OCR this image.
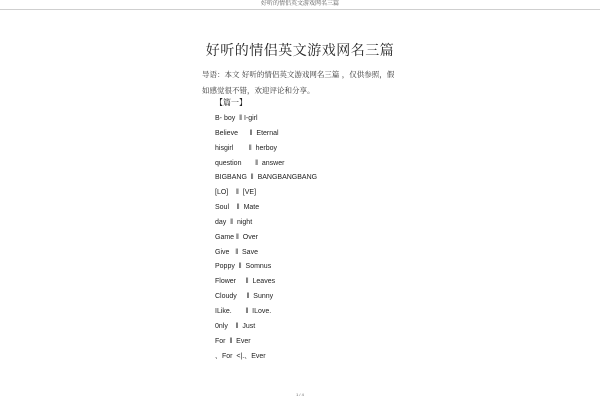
好听的情侣英文游戏网名三篇
好听的情侣英文游戏网名三篇
导语：本文 好听的情侣英文游戏网名三篇 ，仅供参照，假如感觉很不错，欢迎评论和分享。
【篇一】
B- boy  ‖ I-girl
Believe      ‖  Eternal
hisgirl        ‖  herboy
question       ‖  answer
BIGBANG  ‖  BANGBANGBANG
[LO]    ‖  [VE]
Soul    ‖  Mate
day  ‖  night
Game ‖  Over
Give   ‖  Save
Poppy  ‖  Somnus
Flower     ‖  Leaves
Cloudy     ‖  Sunny
ILike.       ‖  ILove.
0nly    ‖  Just
For  ‖  Ever
、For  <|.、Ever
1 / 4
